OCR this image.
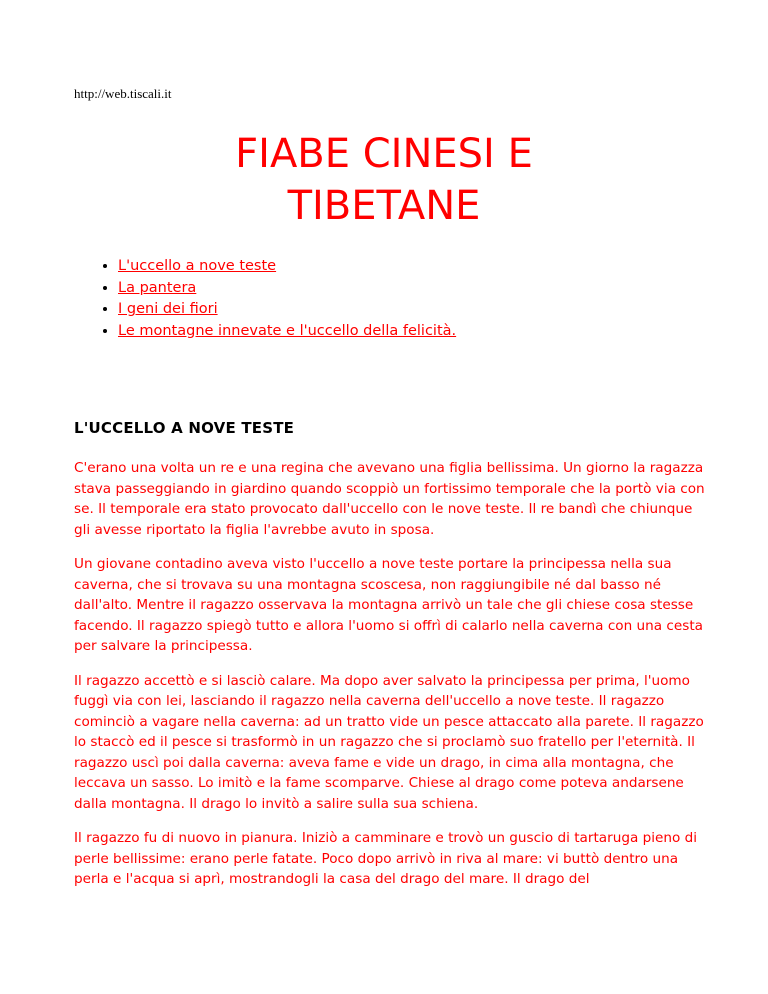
http://web.tiscali.it
FIABE CINESI E
TIBETANE
• L'uccello a nove teste
• La pantera
• I geni dei fiori
• Le montagne innevate e l'uccello della felicità.
L'UCCELLO A NOVE TESTE

C'erano una volta un re e una regina che avevano una figlia bellissima. Un giorno la ragazza stava passeggiando in giardino quando scoppiò un fortissimo temporale che la portò via con se. Il temporale era stato provocato dall'uccello con le nove teste. Il re bandì che chiunque gli avesse riportato la figlia l'avrebbe avuto in sposa.

Un giovane contadino aveva visto l'uccello a nove teste portare la principessa nella sua caverna, che si trovava su una montagna scoscesa, non raggiungibile né dal basso né dall'alto. Mentre il ragazzo osservava la montagna arrivò un tale che gli chiese cosa stesse facendo. Il ragazzo spiegò tutto e allora l'uomo si offrì di calarlo nella caverna con una cesta per salvare la principessa.

Il ragazzo accettò e si lasciò calare. Ma dopo aver salvato la principessa per prima, l'uomo fuggì via con lei, lasciando il ragazzo nella caverna dell'uccello a nove teste. Il ragazzo cominciò a vagare nella caverna: ad un tratto vide un pesce attaccato alla parete. Il ragazzo lo staccò ed il pesce si trasformò in un ragazzo che si proclamò suo fratello per l'eternità. Il ragazzo uscì poi dalla caverna: aveva fame e vide un drago, in cima alla montagna, che leccava un sasso. Lo imitò e la fame scomparve. Chiese al drago come poteva andarsene dalla montagna. Il drago lo invitò a salire sulla sua schiena.

Il ragazzo fu di nuovo in pianura. Iniziò a camminare e trovò un guscio di tartaruga pieno di perle bellissime: erano perle fatate. Poco dopo arrivò in riva al mare: vi buttò dentro una perla e l'acqua si aprì, mostrandogli la casa del drago del mare. Il drago del
